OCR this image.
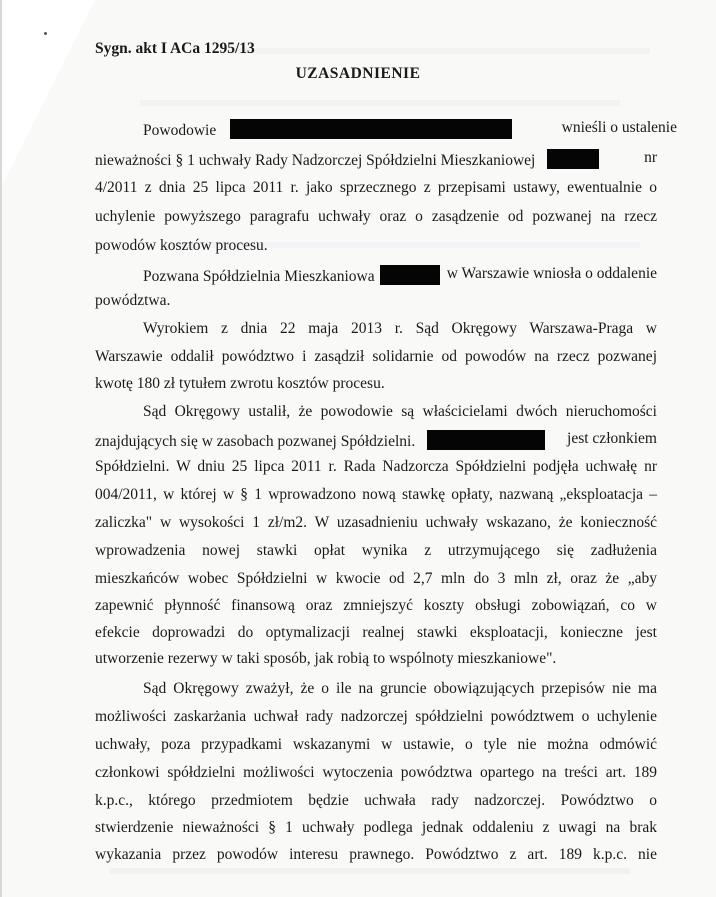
Sygn. akt I ACa 1295/13
UZASADNIENIE
Powodowie	wnieśli o ustalenie
nieważności § 1 uchwały Rady Nadzorczej Spółdzielni Mieszkaniowej	nr
4/2011 z dnia 25 lipca 2011 r. jako sprzecznego z przepisami ustawy, ewentualnie o
uchylenie powyższego paragrafu uchwały oraz o zasądzenie od pozwanej na rzecz
powodów kosztów procesu.
Pozwana Spółdzielnia Mieszkaniowa	w Warszawie wniosła o oddalenie
powództwa.
Wyrokiem z dnia 22 maja 2013 r. Sąd Okręgowy Warszawa-Praga w
Warszawie oddalił powództwo i zasądził solidarnie od powodów na rzecz pozwanej
kwotę 180 zł tytułem zwrotu kosztów procesu.
Sąd Okręgowy ustalił, że powodowie są właścicielami dwóch nieruchomości
znajdujących się w zasobach pozwanej Spółdzielni.	jest członkiem
Spółdzielni. W dniu 25 lipca 2011 r. Rada Nadzorcza Spółdzielni podjęła uchwałę nr
004/2011, w której w § 1 wprowadzono nową stawkę opłaty, nazwaną „eksploatacja –
zaliczka" w wysokości 1 zł/m2. W uzasadnieniu uchwały wskazano, że konieczność
wprowadzenia nowej stawki opłat wynika z utrzymującego się zadłużenia
mieszkańców wobec Spółdzielni w kwocie od 2,7 mln do 3 mln zł, oraz że „aby
zapewnić płynność finansową oraz zmniejszyć koszty obsługi zobowiązań, co w
efekcie doprowadzi do optymalizacji realnej stawki eksploatacji, konieczne jest
utworzenie rezerwy w taki sposób, jak robią to wspólnoty mieszkaniowe".
Sąd Okręgowy zważył, że o ile na gruncie obowiązujących przepisów nie ma
możliwości zaskarżania uchwał rady nadzorczej spółdzielni powództwem o uchylenie
uchwały, poza przypadkami wskazanymi w ustawie, o tyle nie można odmówić
członkowi spółdzielni możliwości wytoczenia powództwa opartego na treści art. 189
k.p.c., którego przedmiotem będzie uchwała rady nadzorczej. Powództwo o
stwierdzenie nieważności § 1 uchwały podlega jednak oddaleniu z uwagi na brak
wykazania przez powodów interesu prawnego. Powództwo z art. 189 k.p.c. nie
